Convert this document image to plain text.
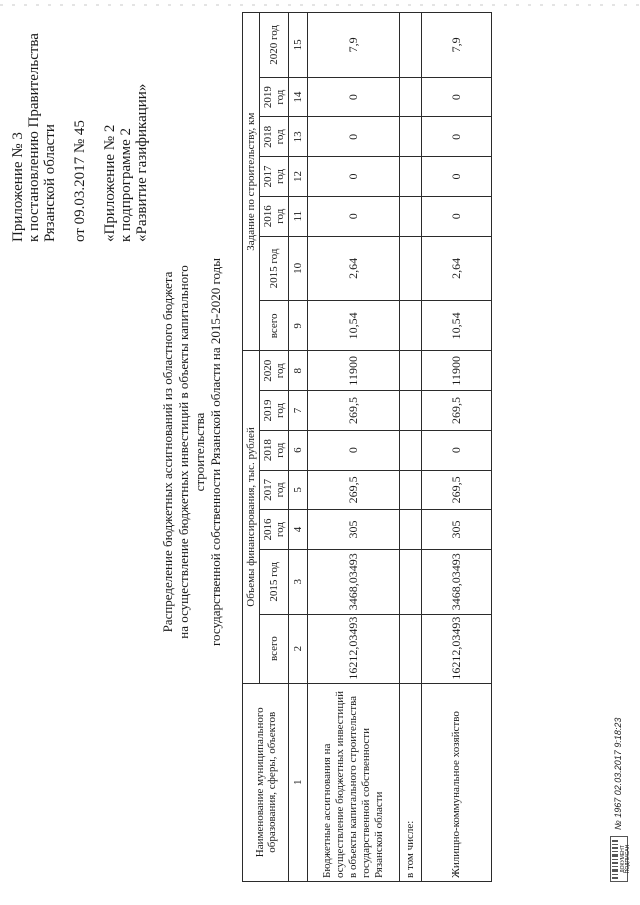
Приложение № 3 к постановлению Правительства Рязанской области от 09.03.2017 № 45 «Приложение № 2 к подпрограмме 2 «Развитие газификации»
Распределение бюджетных ассигнований из областного бюджета на осуществление бюджетных инвестиций в объекты капитального строительства государственной собственности Рязанской области на 2015-2020 годы
Наименование муниципального образования, сферы, объектов	Объемы финансирования, тыс. рублей							Задание по строительству, км						
	всего	2015 год	2016 год	2017 год	2018 год	2019 год	2020 год	всего	2015 год	2016 год	2017 год	2018 год	2019 год	2020 год
1	2	3	4	5	6	7	8	9	10	11	12	13	14	15
Бюджетные ассигнования на осуществление бюджетных инвестиций в объекты капитального строительства государственной собственности Рязанской области	16212,03493	3468,03493	305	269,5	0	269,5	11900	10,54	2,64	0	0	0	0	7,9
в том числе:														
Жилищно-коммунальное хозяйство	16212,03493	3468,03493	305	269,5	0	269,5	11900	10,54	2,64	0	0	0	0	7,9
ДОКУМЕНТ ПОДПИСАН
№ 1967 02.03.2017 9:18:23
